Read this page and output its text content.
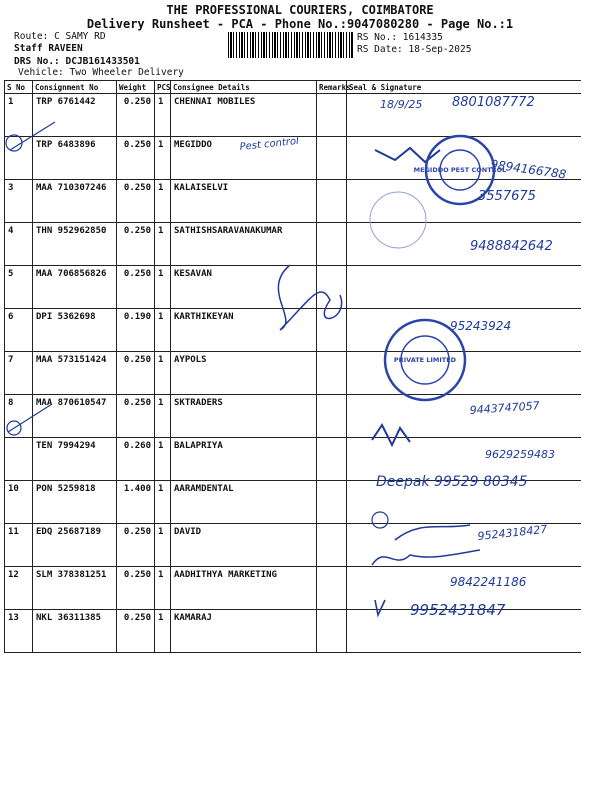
THE PROFESSIONAL COURIERS, COIMBATORE
Delivery Runsheet - PCA - Phone No.:9047080280 - Page No.:1
Route: C SAMY RD
Staff RAVEEN
DRS No.: DCJB161433501
Vehicle: Two Wheeler Delivery
RS No.: 1614335
RS Date: 18-Sep-2025
S No	Consignment No	Weight	PCS	Consignee Details	Remarks	Seal & Signature
1	TRP 6761442	0.250	1	CHENNAI MOBILES		
	TRP 6483896	0.250	1	MEGIDDO		
3	MAA 710307246	0.250	1	KALAISELVI		
4	THN 952962850	0.250	1	SATHISHSARAVANAKUMAR		
5	MAA 706856826	0.250	1	KESAVAN		
6	DPI 5362698	0.190	1	KARTHIKEYAN		
7	MAA 573151424	0.250	1	AYPOLS		
8	MAA 870610547	0.250	1	SKTRADERS		
	TEN 7994294	0.260	1	BALAPRIYA		
10	PON 5259818	1.400	1	AARAMDENTAL		
11	EDQ 25687189	0.250	1	DAVID		
12	SLM 378381251	0.250	1	AADHITHYA MARKETING		
13	NKL 36311385	0.250	1	KAMARAJ		
18/9/25 8801087772
Pest control
9894166788
MEGIDDO PEST CONTROL
3557675
9488842642
95243924
PRIVATE LIMITED
9443747057
9629259483
Deepak 99529 80345
9524318427
9842241186
9952431847
